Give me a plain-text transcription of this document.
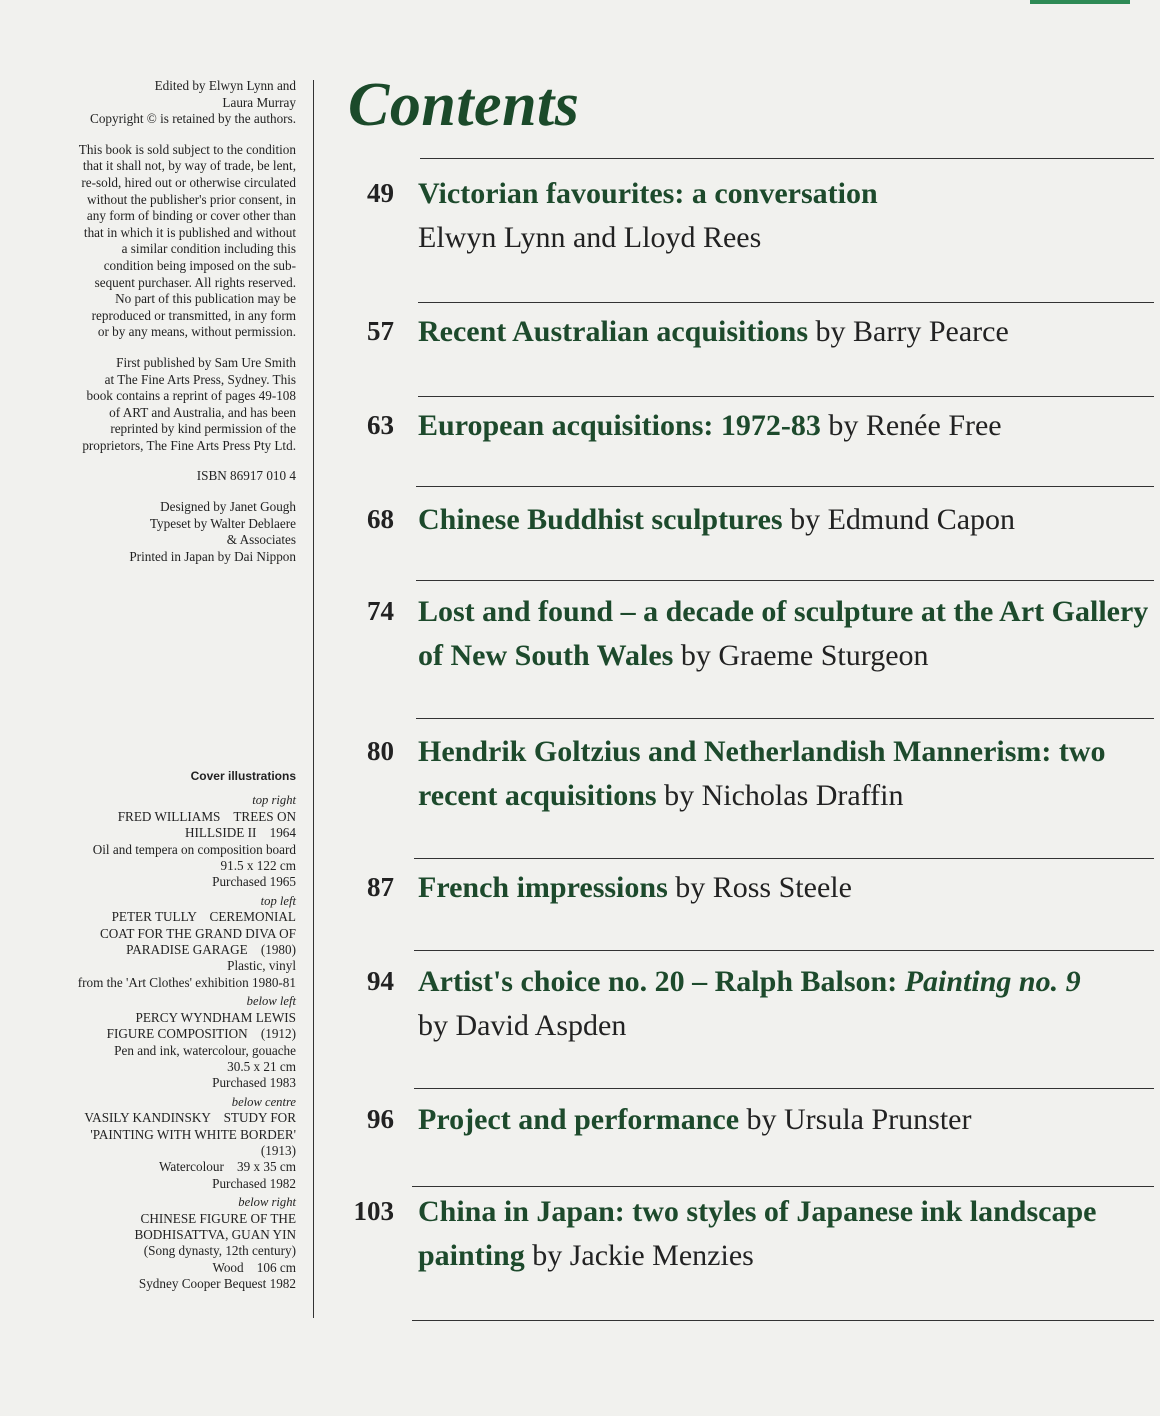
Edited by Elwyn Lynn and
Laura Murray
Copyright © is retained by the authors.

This book is sold subject to the condition
that it shall not, by way of trade, be lent,
re-sold, hired out or otherwise circulated
without the publisher's prior consent, in
any form of binding or cover other than
that in which it is published and without
a similar condition including this
condition being imposed on the sub-
sequent purchaser. All rights reserved.
No part of this publication may be
reproduced or transmitted, in any form
or by any means, without permission.

First published by Sam Ure Smith
at The Fine Arts Press, Sydney. This
book contains a reprint of pages 49-108
of ART and Australia, and has been
reprinted by kind permission of the
proprietors, The Fine Arts Press Pty Ltd.

ISBN 86917 010 4

Designed by Janet Gough
Typeset by Walter Deblaere
& Associates
Printed in Japan by Dai Nippon

Cover illustrations
top right
FRED WILLIAMS    TREES ON
HILLSIDE II    1964
Oil and tempera on composition board
91.5 x 122 cm
Purchased 1965
top left
PETER TULLY    CEREMONIAL
COAT FOR THE GRAND DIVA OF
PARADISE GARAGE    (1980)
Plastic, vinyl
from the 'Art Clothes' exhibition 1980-81
below left
PERCY WYNDHAM LEWIS
FIGURE COMPOSITION    (1912)
Pen and ink, watercolour, gouache
30.5 x 21 cm
Purchased 1983
below centre
VASILY KANDINSKY    STUDY FOR
'PAINTING WITH WHITE BORDER'
(1913)
Watercolour    39 x 35 cm
Purchased 1982
below right
CHINESE FIGURE OF THE
BODHISATTVA, GUAN YIN
(Song dynasty, 12th century)
Wood    106 cm
Sydney Cooper Bequest 1982
Contents
49 Victorian favourites: a conversation
Elwyn Lynn and Lloyd Rees
57 Recent Australian acquisitions by Barry Pearce
63 European acquisitions: 1972-83 by Renée Free
68 Chinese Buddhist sculptures by Edmund Capon
74 Lost and found – a decade of sculpture at the Art Gallery of New South Wales by Graeme Sturgeon
80 Hendrik Goltzius and Netherlandish Mannerism: two recent acquisitions by Nicholas Draffin
87 French impressions by Ross Steele
94 Artist's choice no. 20 – Ralph Balson: Painting no. 9
by David Aspden
96 Project and performance by Ursula Prunster
103 China in Japan: two styles of Japanese ink landscape painting by Jackie Menzies
